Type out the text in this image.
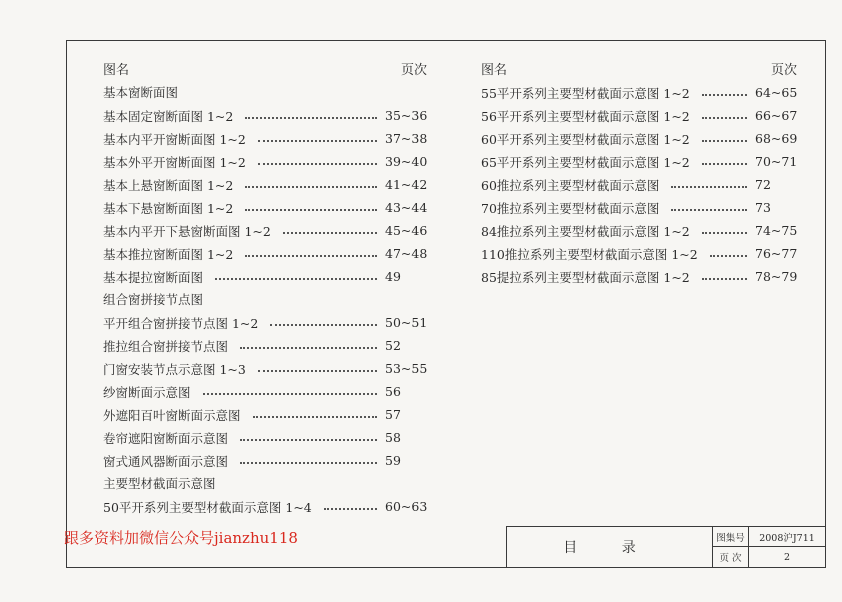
图名	页次
基本窗断面图
基本固定窗断面图 1~2	35~36
基本内平开窗断面图 1~2	37~38
基本外平开窗断面图 1~2	39~40
基本上悬窗断面图 1~2	41~42
基本下悬窗断面图 1~2	43~44
基本内平开下悬窗断面图 1~2	45~46
基本推拉窗断面图 1~2	47~48
基本提拉窗断面图	49
组合窗拼接节点图
平开组合窗拼接节点图 1~2	50~51
推拉组合窗拼接节点图	52
门窗安装节点示意图 1~3	53~55
纱窗断面示意图	56
外遮阳百叶窗断面示意图	57
卷帘遮阳窗断面示意图	58
窗式通风器断面示意图	59
主要型材截面示意图
50平开系列主要型材截面示意图 1~4	60~63
图名	页次
55平开系列主要型材截面示意图 1~2	64~65
56平开系列主要型材截面示意图 1~2	66~67
60平开系列主要型材截面示意图 1~2	68~69
65平开系列主要型材截面示意图 1~2	70~71
60推拉系列主要型材截面示意图	72
70推拉系列主要型材截面示意图	73
84推拉系列主要型材截面示意图 1~2	74~75
110推拉系列主要型材截面示意图 1~2	76~77
85提拉系列主要型材截面示意图 1~2	78~79
目 录
图集号	2008沪J711
页 次	2
跟多资料加微信公众号jianzhu118
